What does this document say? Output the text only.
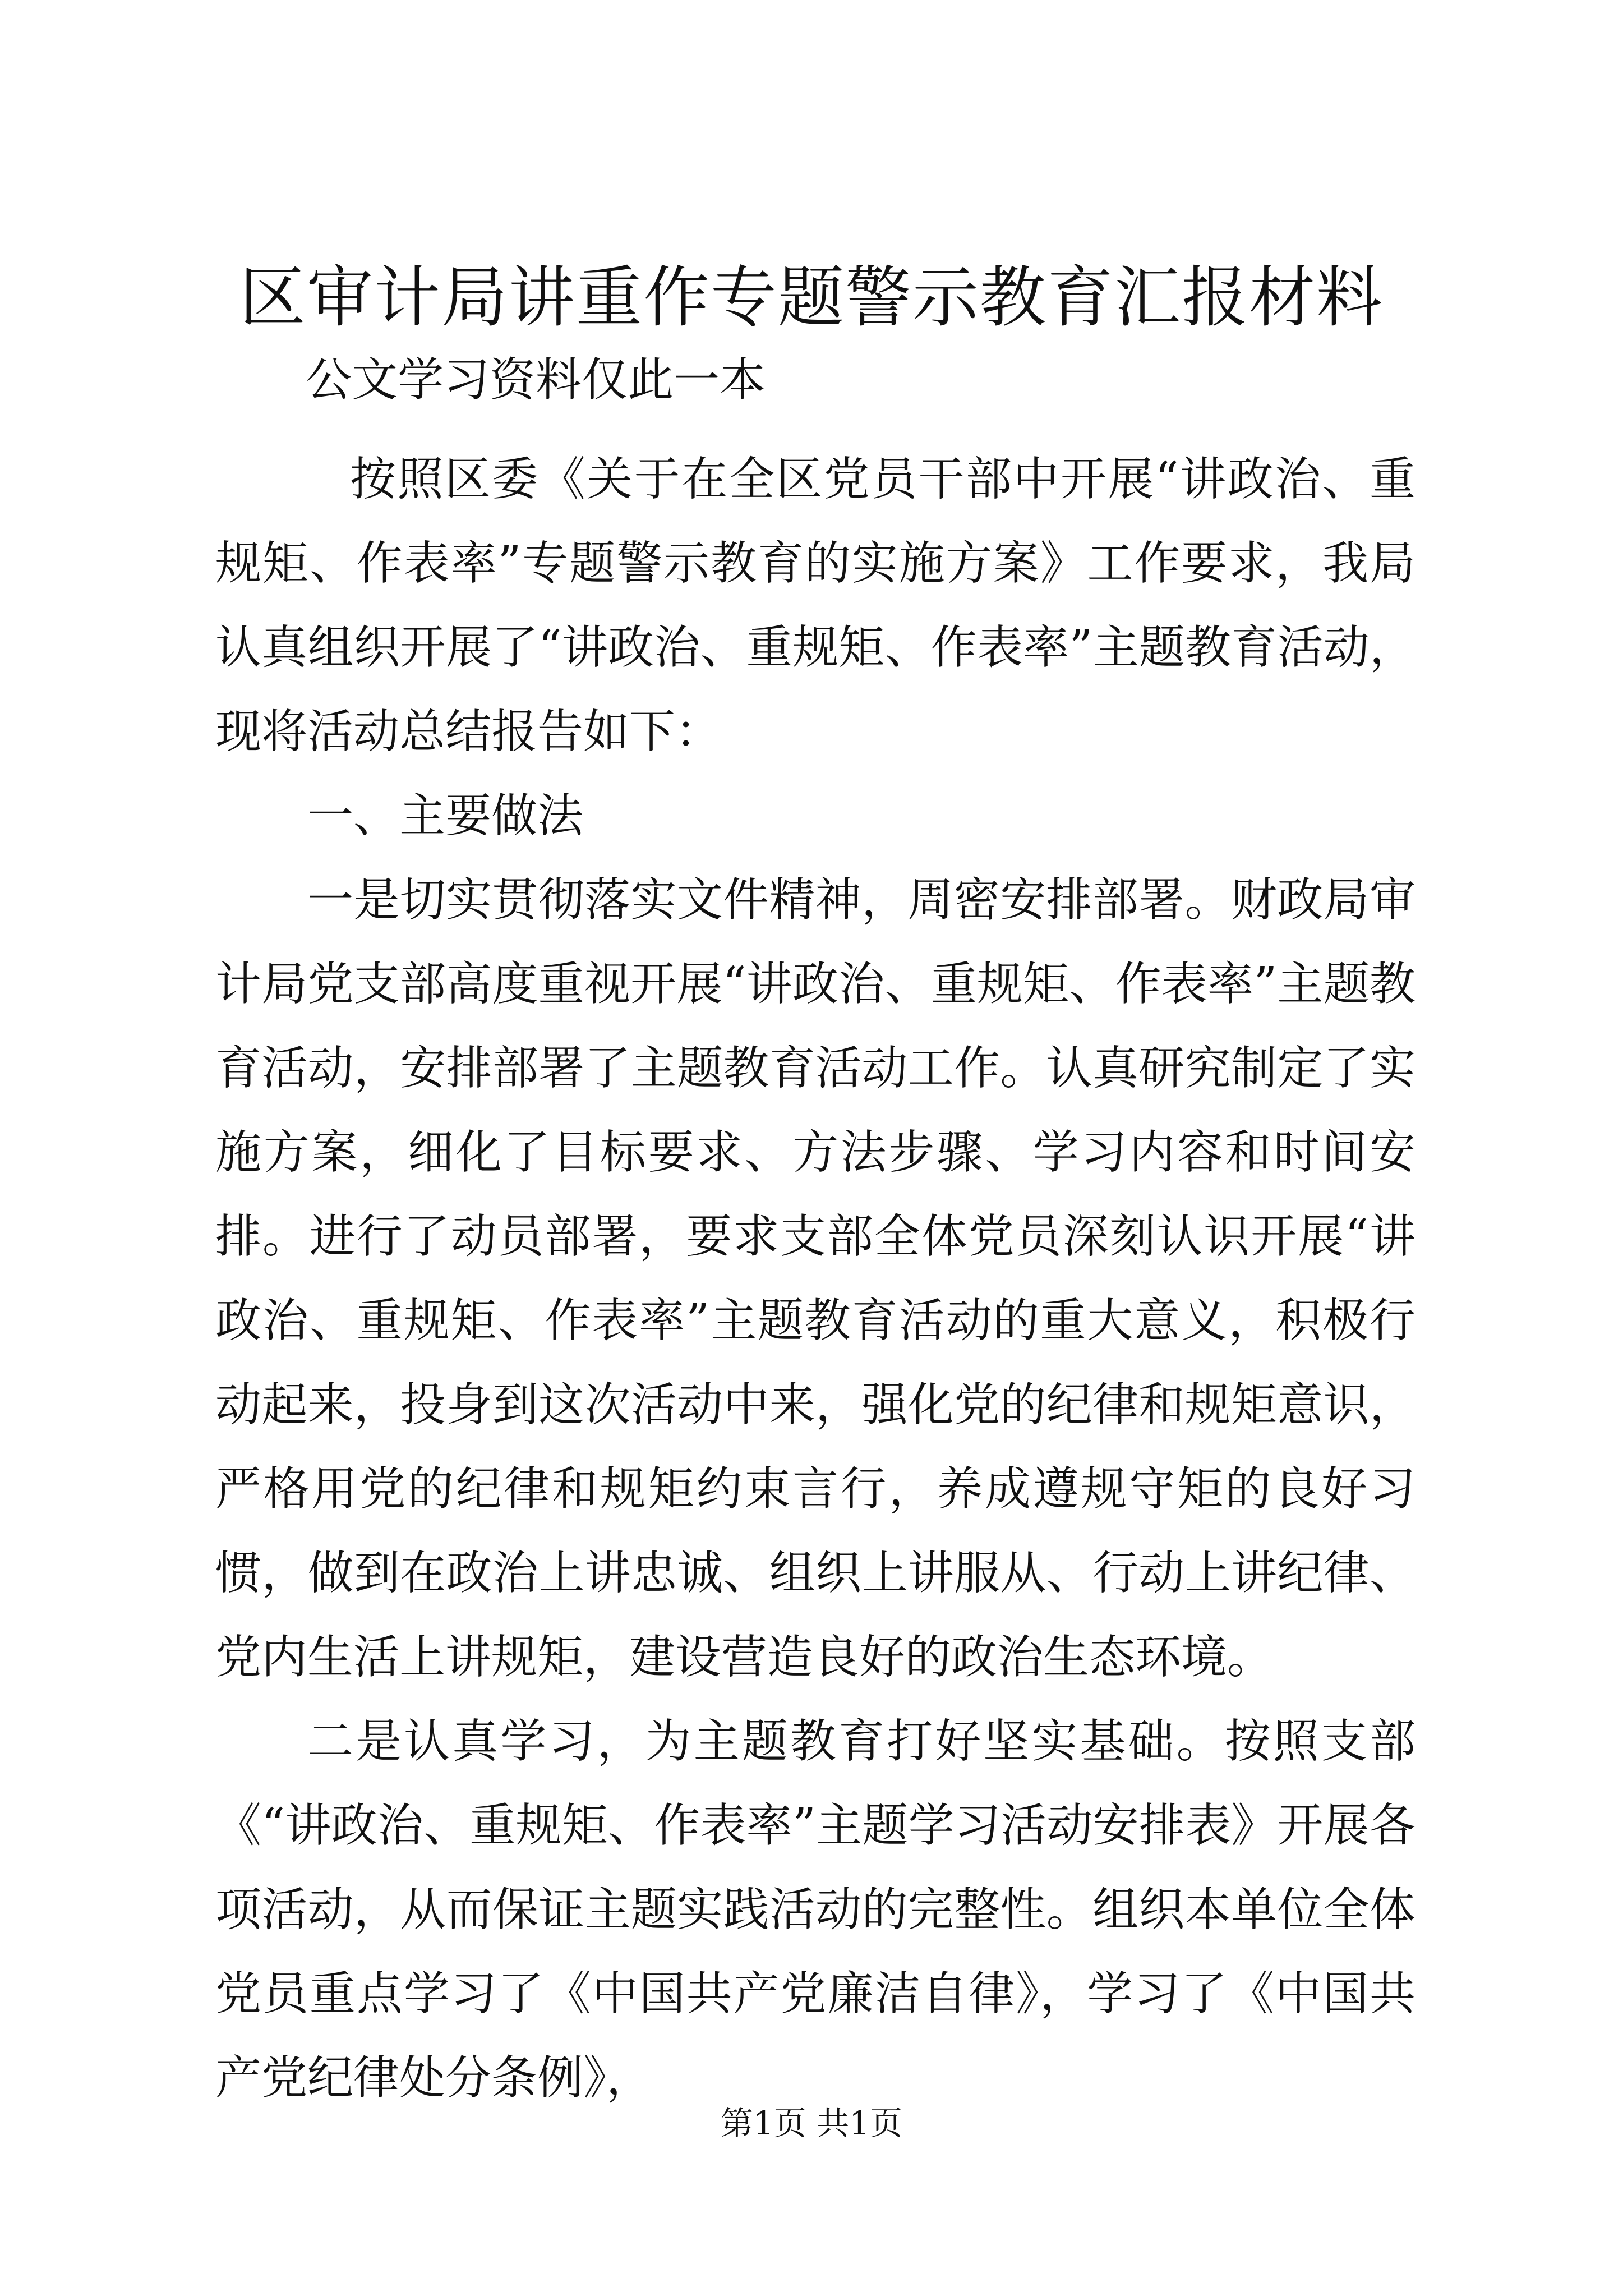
区审计局讲重作专题警示教育汇报材料
公文学习资料仅此一本

按照区委《关于在全区党员干部中开展“讲政治、重规矩、作表率”专题警示教育的实施方案》工作要求，我局认真组织开展了“讲政治、重规矩、作表率”主题教育活动，现将活动总结报告如下：

一、主要做法

一是切实贯彻落实文件精神，周密安排部署。财政局审计局党支部高度重视开展“讲政治、重规矩、作表率”主题教育活动，安排部署了主题教育活动工作。认真研究制定了实施方案，细化了目标要求、方法步骤、学习内容和时间安排。进行了动员部署，要求支部全体党员深刻认识开展“讲政治、重规矩、作表率”主题教育活动的重大意义，积极行动起来，投身到这次活动中来，强化党的纪律和规矩意识，严格用党的纪律和规矩约束言行，养成遵规守矩的良好习惯，做到在政治上讲忠诚、组织上讲服从、行动上讲纪律、党内生活上讲规矩，建设营造良好的政治生态环境。

二是认真学习，为主题教育打好坚实基础。按照支部《“讲政治、重规矩、作表率”主题学习活动安排表》开展各项活动，从而保证主题实践活动的完整性。组织本单位全体党员重点学习了《中国共产党廉洁自律》，学习了《中国共产党纪律处分条例》，

第1页 共1页
